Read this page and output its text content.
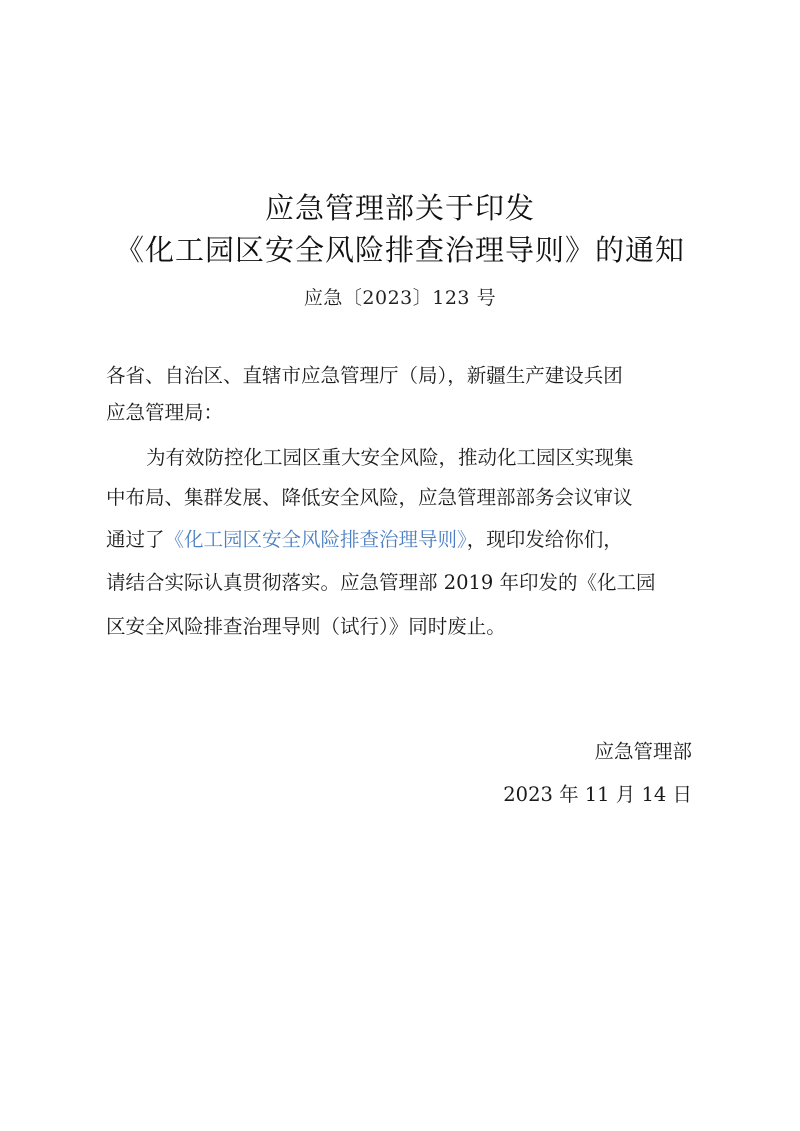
应急管理部关于印发
《化工园区安全风险排查治理导则》的通知
应急〔2023〕123 号
各省、自治区、直辖市应急管理厅（局），新疆生产建设兵团
应急管理局：
为有效防控化工园区重大安全风险，推动化工园区实现集
中布局、集群发展、降低安全风险，应急管理部部务会议审议
通过了《化工园区安全风险排查治理导则》，现印发给你们，
请结合实际认真贯彻落实。应急管理部 2019 年印发的《化工园
区安全风险排查治理导则（试行）》同时废止。
应急管理部
2023 年 11 月 14 日
